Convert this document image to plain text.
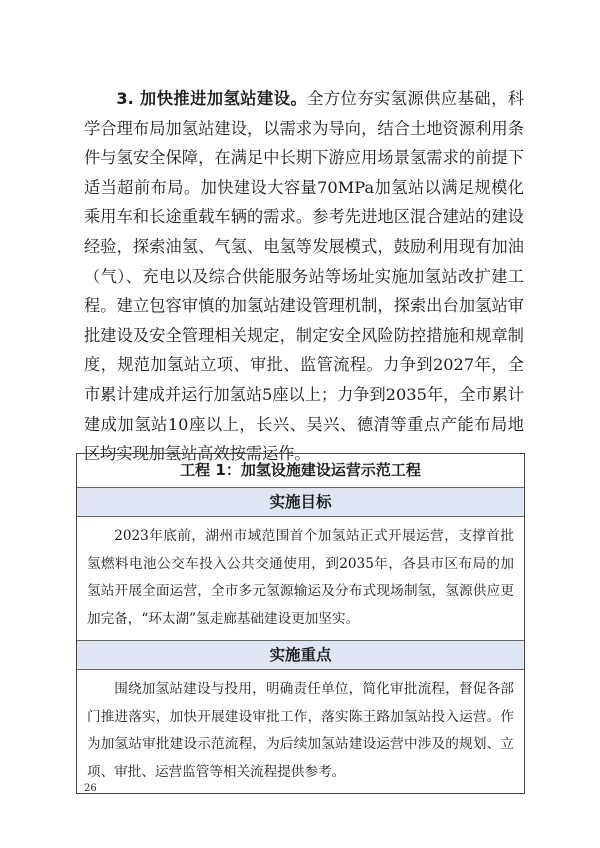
3. 加快推进加氢站建设。全方位夯实氢源供应基础，科学合理布局加氢站建设，以需求为导向，结合土地资源利用条件与氢安全保障，在满足中长期下游应用场景氢需求的前提下适当超前布局。加快建设大容量70MPa加氢站以满足规模化乘用车和长途重载车辆的需求。参考先进地区混合建站的建设经验，探索油氢、气氢、电氢等发展模式，鼓励利用现有加油（气）、充电以及综合供能服务站等场址实施加氢站改扩建工程。建立包容审慎的加氢站建设管理机制，探索出台加氢站审批建设及安全管理相关规定，制定安全风险防控措施和规章制度，规范加氢站立项、审批、监管流程。力争到2027年，全市累计建成并运行加氢站5座以上；力争到2035年，全市累计建成加氢站10座以上，长兴、吴兴、德清等重点产能布局地区均实现加氢站高效按需运作。
工程 1：加氢设施建设运营示范工程
实施目标
2023年底前，湖州市域范围首个加氢站正式开展运营，支撑首批氢燃料电池公交车投入公共交通使用，到2035年，各县市区布局的加氢站开展全面运营，全市多元氢源输运及分布式现场制氢，氢源供应更加完备，“环太湖”氢走廊基础建设更加坚实。
实施重点
围绕加氢站建设与投用，明确责任单位，简化审批流程，督促各部门推进落实，加快开展建设审批工作，落实陈王路加氢站投入运营。作为加氢站审批建设示范流程，为后续加氢站建设运营中涉及的规划、立项、审批、运营监管等相关流程提供参考。
26
